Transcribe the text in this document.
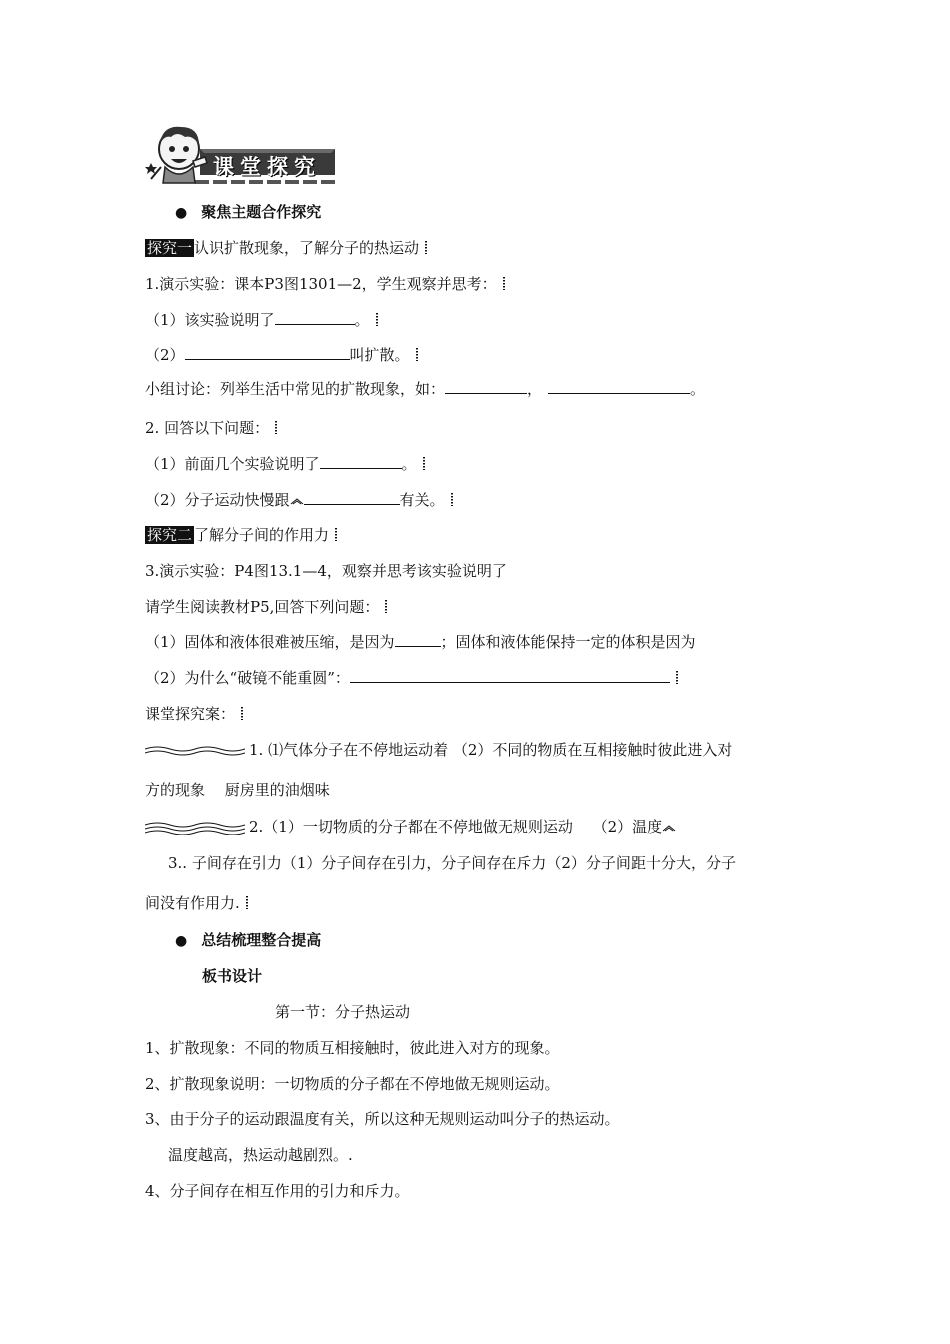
课堂探究
● 聚焦主题合作探究
探究一 认识扩散现象，了解分子的热运动
1.演示实验：课本P3图1301—2，学生观察并思考：
（1）该实验说明了	。
（2）	叫扩散。
小组讨论：列举生活中常见的扩散现象，如：	，	。
2. 回答以下问题：
（1）前面几个实验说明了	。
（2）分子运动快慢跟	有关。
探究二 了解分子间的作用力
3.演示实验：P4图13.1—4，观察并思考该实验说明了
请学生阅读教材P5,回答下列问题：
（1）固体和液体很难被压缩，是因为	；固体和液体能保持一定的体积是因为
（2）为什么“破镜不能重圆”：
课堂探究案：
1. ⑴气体分子在不停地运动着 （2）不同的物质在互相接触时彼此进入对
方的现象　 厨房里的油烟味
2.（1）一切物质的分子都在不停地做无规则运动　 （2）温度
3.. 子间存在引力（1）分子间存在引力，分子间存在斥力（2）分子间距十分大，分子
间没有作用力.
● 总结梳理整合提高
板书设计
第一节：分子热运动
1、扩散现象：不同的物质互相接触时，彼此进入对方的现象。
2、扩散现象说明：一切物质的分子都在不停地做无规则运动。
3、由于分子的运动跟温度有关，所以这种无规则运动叫分子的热运动。
温度越高，热运动越剧烈。.
4、分子间存在相互作用的引力和斥力。
